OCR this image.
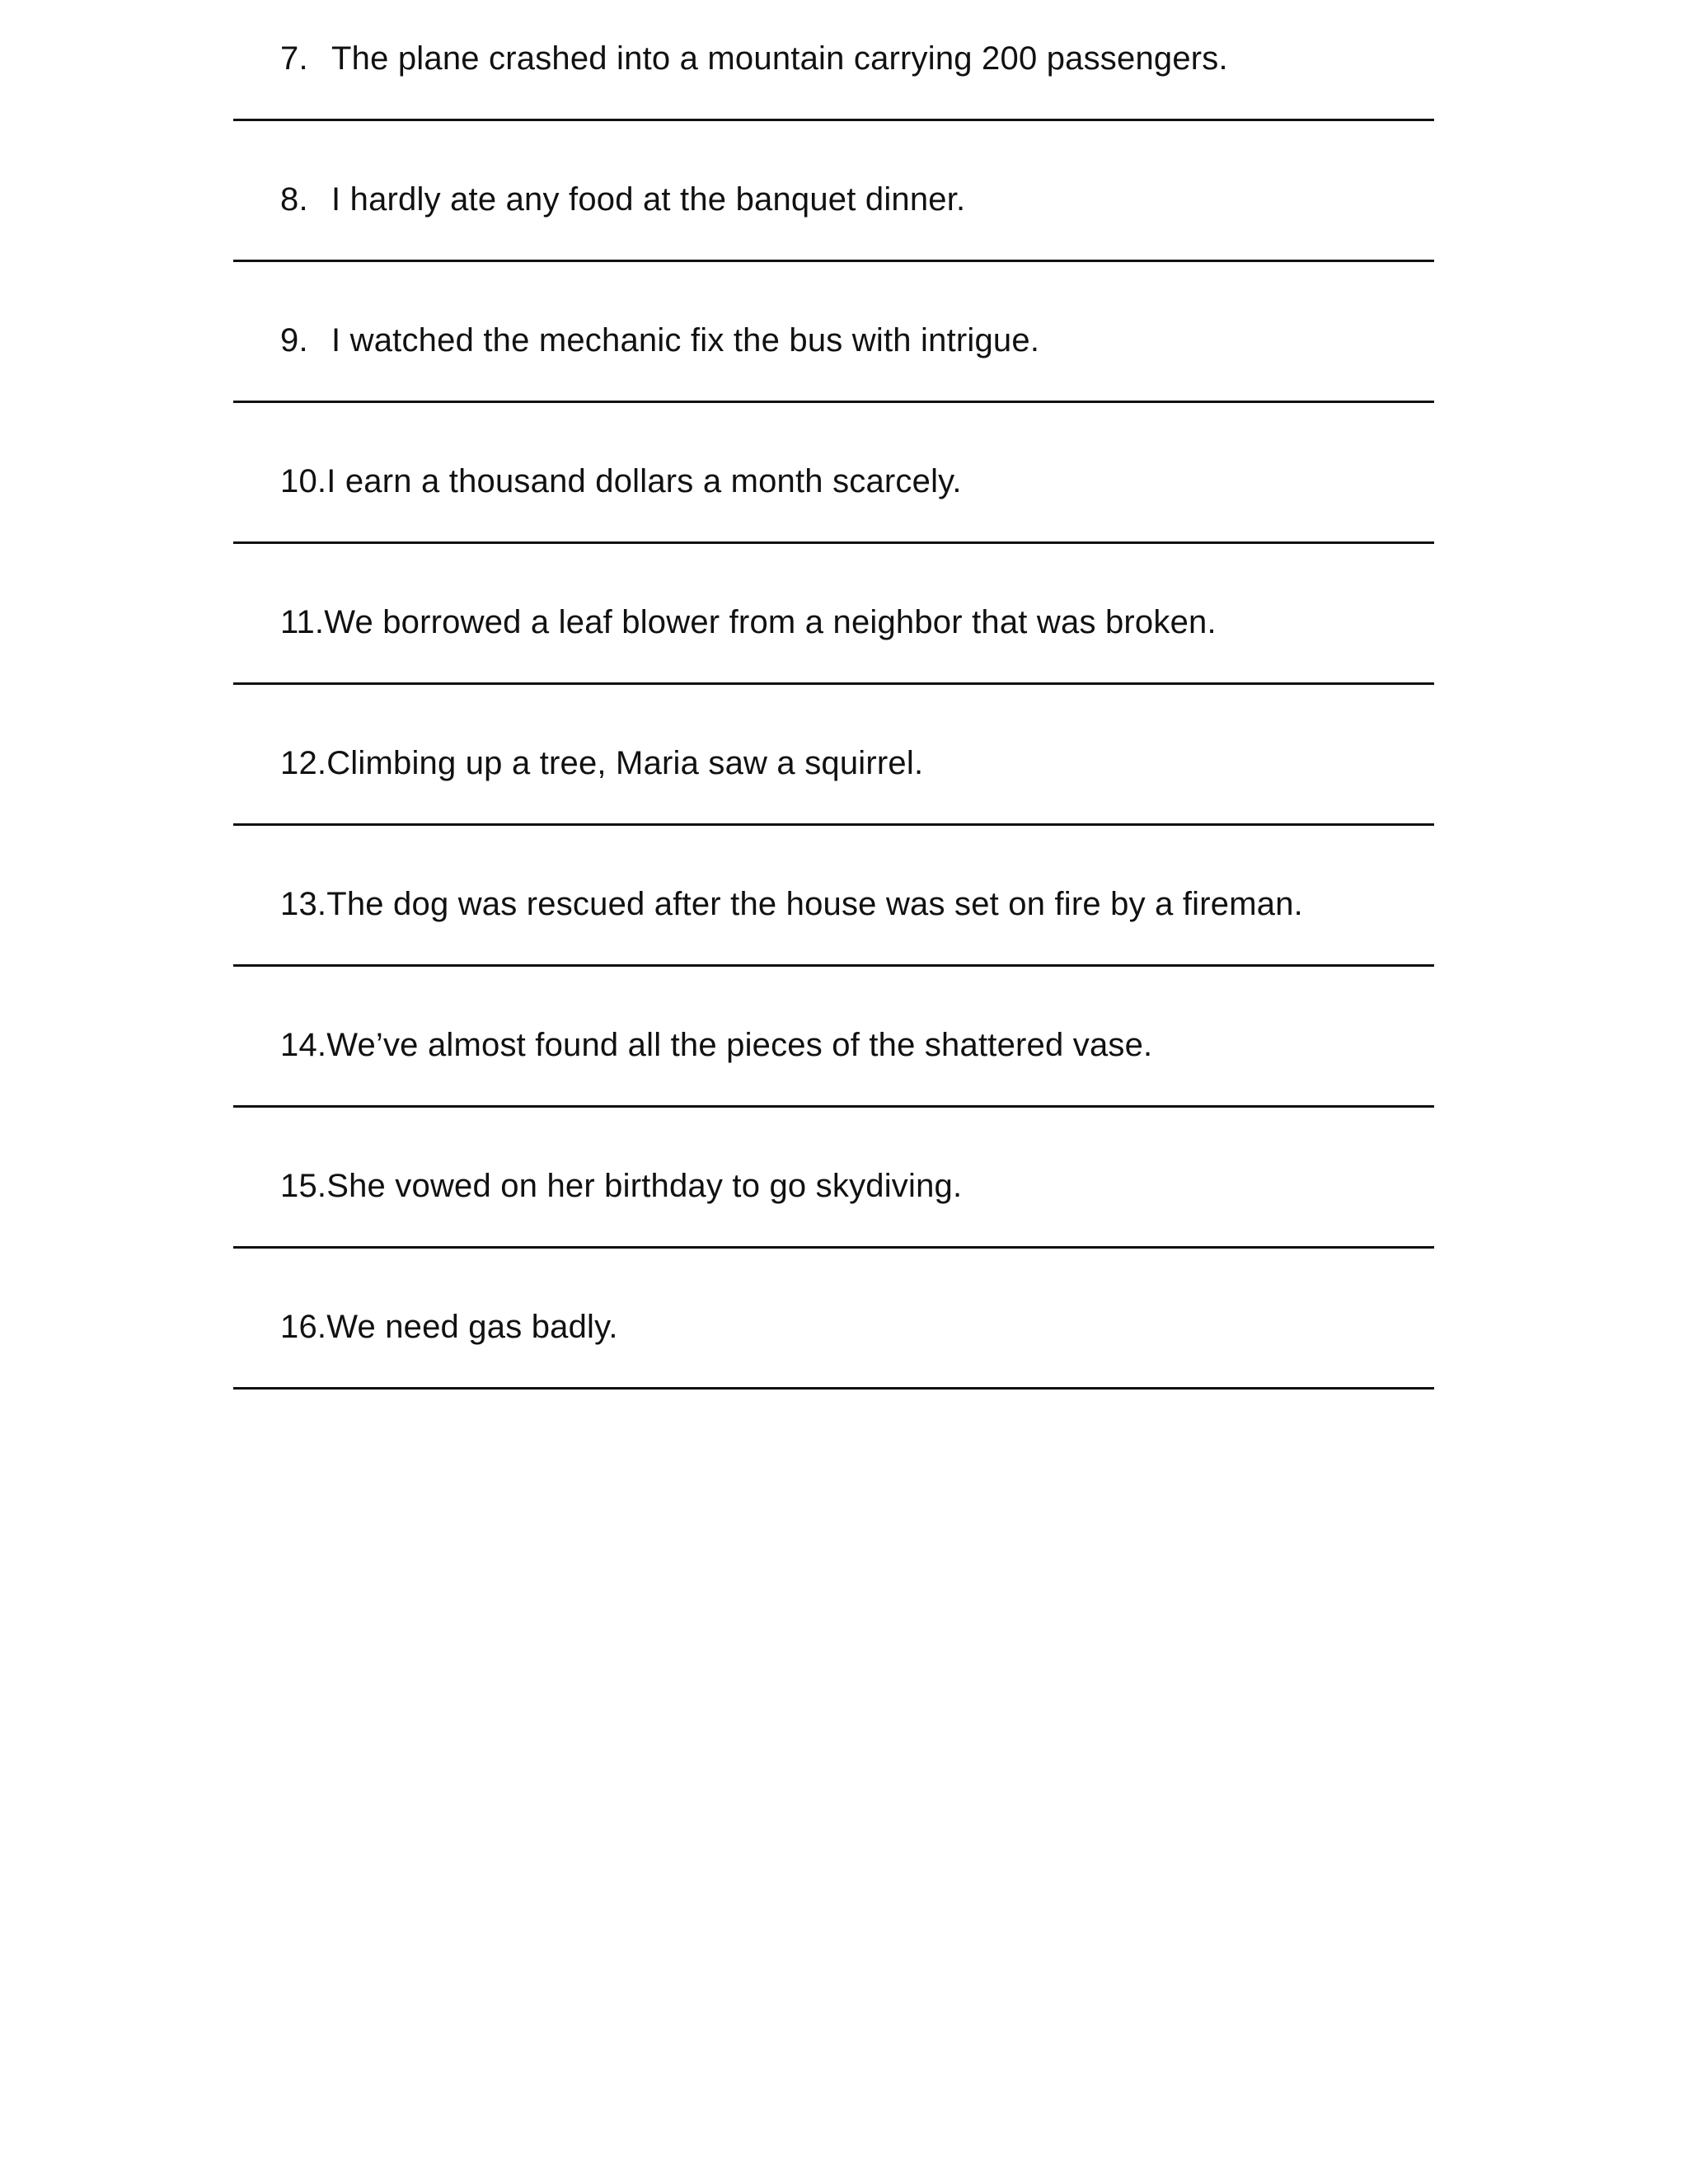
7. The plane crashed into a mountain carrying 200 passengers.
8. I hardly ate any food at the banquet dinner.
9. I watched the mechanic fix the bus with intrigue.
10.I earn a thousand dollars a month scarcely.
11.We borrowed a leaf blower from a neighbor that was broken.
12.Climbing up a tree, Maria saw a squirrel.
13.The dog was rescued after the house was set on fire by a fireman.
14.We’ve almost found all the pieces of the shattered vase.
15.She vowed on her birthday to go skydiving.
16.We need gas badly.
